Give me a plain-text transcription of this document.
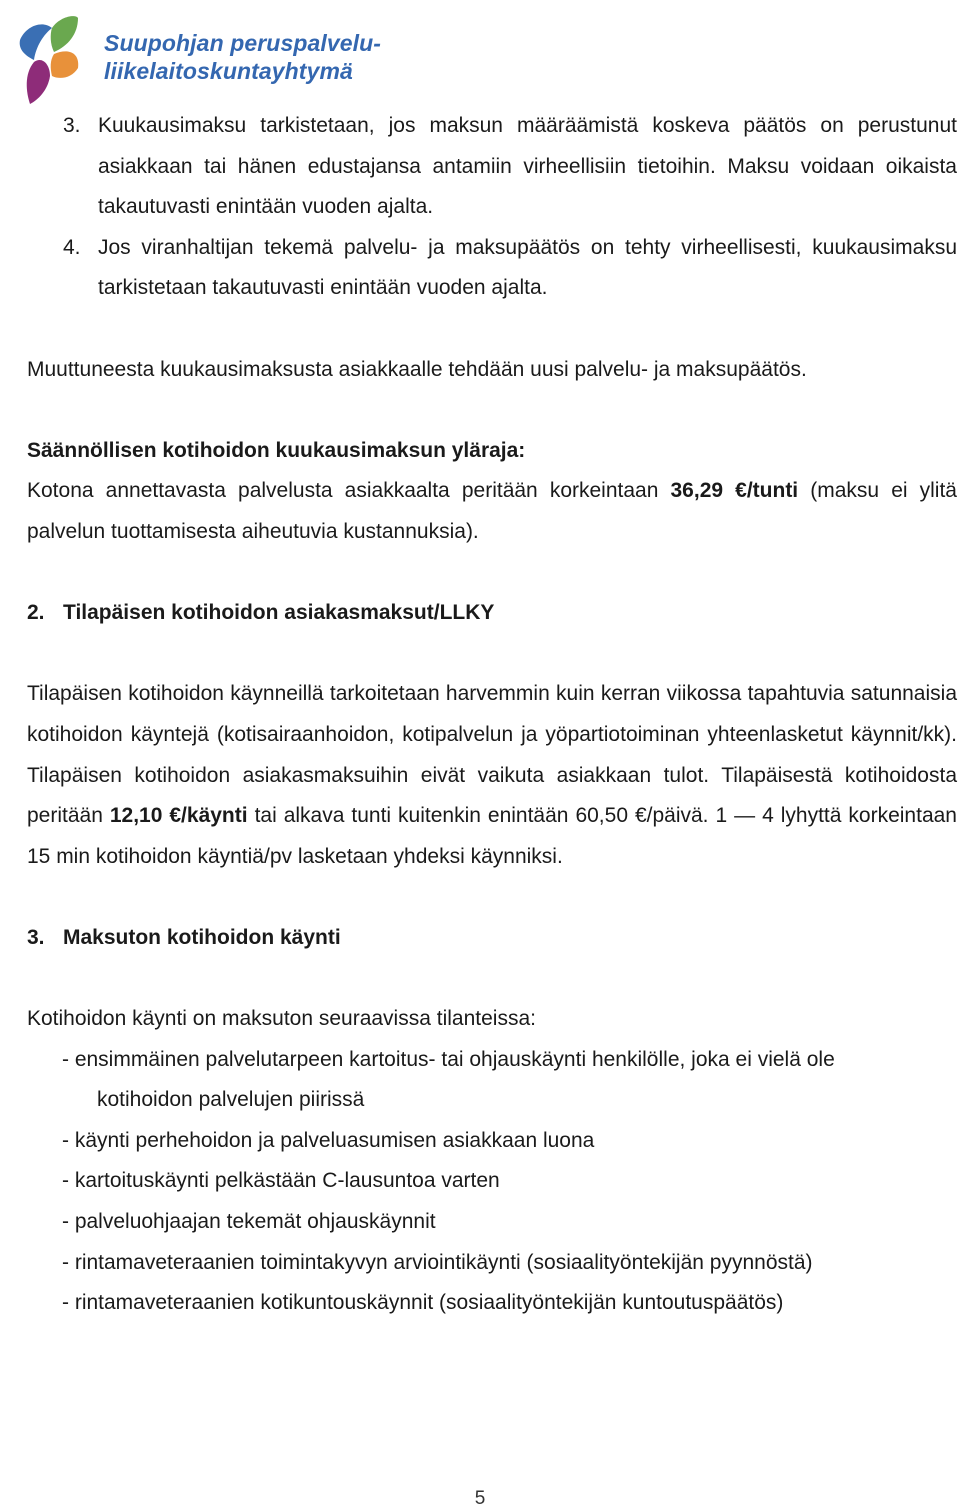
Suupohjan peruspalvelu-
liikelaitoskuntayhtymä
3. Kuukausimaksu tarkistetaan, jos maksun määräämistä koskeva päätös on perustunut asiakkaan tai hänen edustajansa antamiin virheellisiin tietoihin. Maksu voidaan oikaista takautuvasti enintään vuoden ajalta.
4. Jos viranhaltijan tekemä palvelu- ja maksupäätös on tehty virheellisesti, kuukausimaksu tarkistetaan takautuvasti enintään vuoden ajalta.

Muuttuneesta kuukausimaksusta asiakkaalle tehdään uusi palvelu- ja maksupäätös.

Säännöllisen kotihoidon kuukausimaksun yläraja:

Kotona annettavasta palvelusta asiakkaalta peritään korkeintaan 36,29 €/tunti (maksu ei ylitä palvelun tuottamisesta aiheutuvia kustannuksia).

2. Tilapäisen kotihoidon asiakasmaksut/LLKY

Tilapäisen kotihoidon käynneillä tarkoitetaan harvemmin kuin kerran viikossa tapahtuvia satunnaisia kotihoidon käyntejä (kotisairaanhoidon, kotipalvelun ja yöpartiotoiminan yhteenlasketut käynnit/kk). Tilapäisen kotihoidon asiakasmaksuihin eivät vaikuta asiakkaan tulot. Tilapäisestä kotihoidosta peritään 12,10 €/käynti tai alkava tunti kuitenkin enintään 60,50 €/päivä. 1 — 4 lyhyttä korkeintaan 15 min kotihoidon käyntiä/pv lasketaan yhdeksi käynniksi.

3. Maksuton kotihoidon käynti

Kotihoidon käynti on maksuton seuraavissa tilanteissa:

- ensimmäinen palvelutarpeen kartoitus- tai ohjauskäynti henkilölle, joka ei vielä ole

kotihoidon palvelujen piirissä

- käynti perhehoidon ja palveluasumisen asiakkaan luona

- kartoituskäynti pelkästään C-lausuntoa varten

- palveluohjaajan tekemät ohjauskäynnit

- rintamaveteraanien toimintakyvyn arviointikäynti (sosiaalityöntekijän pyynnöstä)

- rintamaveteraanien kotikuntouskäynnit (sosiaalityöntekijän kuntoutuspäätös)

5
